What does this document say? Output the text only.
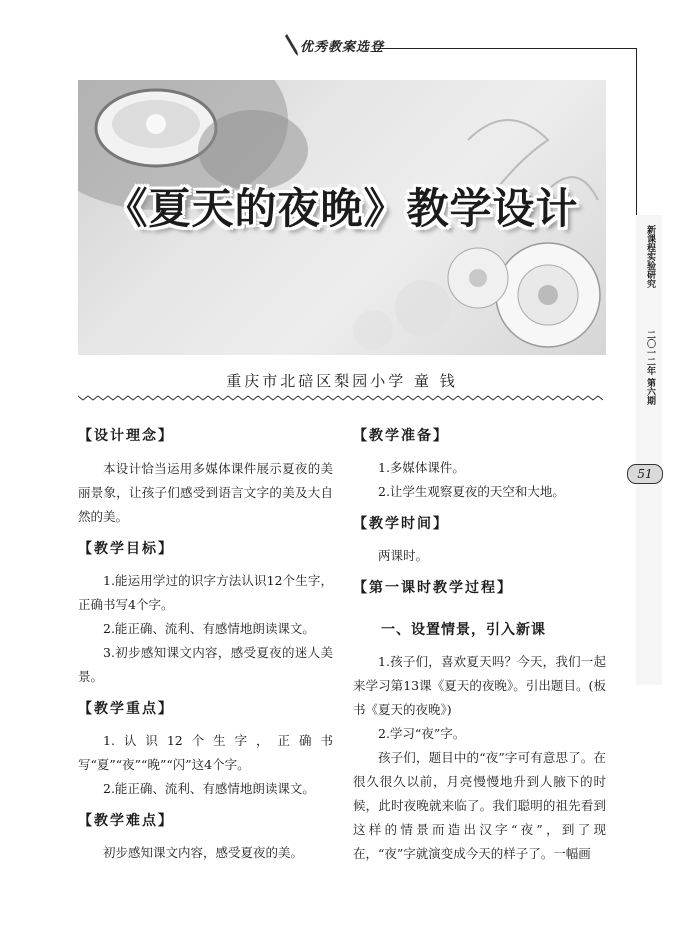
优秀教案选登
新课程实验研究
二〇一二年 第六期
51
《夏天的夜晚》教学设计
重庆市北碚区梨园小学 童 钱
【设计理念】

本设计恰当运用多媒体课件展示夏夜的美丽景象，让孩子们感受到语言文字的美及大自然的美。

【教学目标】

1.能运用学过的识字方法认识12个生字，正确书写4个字。

2.能正确、流利、有感情地朗读课文。

3.初步感知课文内容，感受夏夜的迷人美景。

【教学重点】

1.认识12个生字，正确书写“夏”“夜”“晚”“闪”这4个字。

2.能正确、流利、有感情地朗读课文。

【教学难点】

初步感知课文内容，感受夏夜的美。

【教学准备】

1.多媒体课件。

2.让学生观察夏夜的天空和大地。

【教学时间】

两课时。

【第一课时教学过程】
一、设置情景，引入新课

1.孩子们，喜欢夏天吗？今天，我们一起来学习第13课《夏天的夜晚》。引出题目。(板书《夏天的夜晚》)

2.学习“夜”字。

孩子们，题目中的“夜”字可有意思了。在很久很久以前，月亮慢慢地升到人腋下的时候，此时夜晚就来临了。我们聪明的祖先看到这样的情景而造出汉字“夜”，到了现在，“夜”字就演变成今天的样子了。一幅画
